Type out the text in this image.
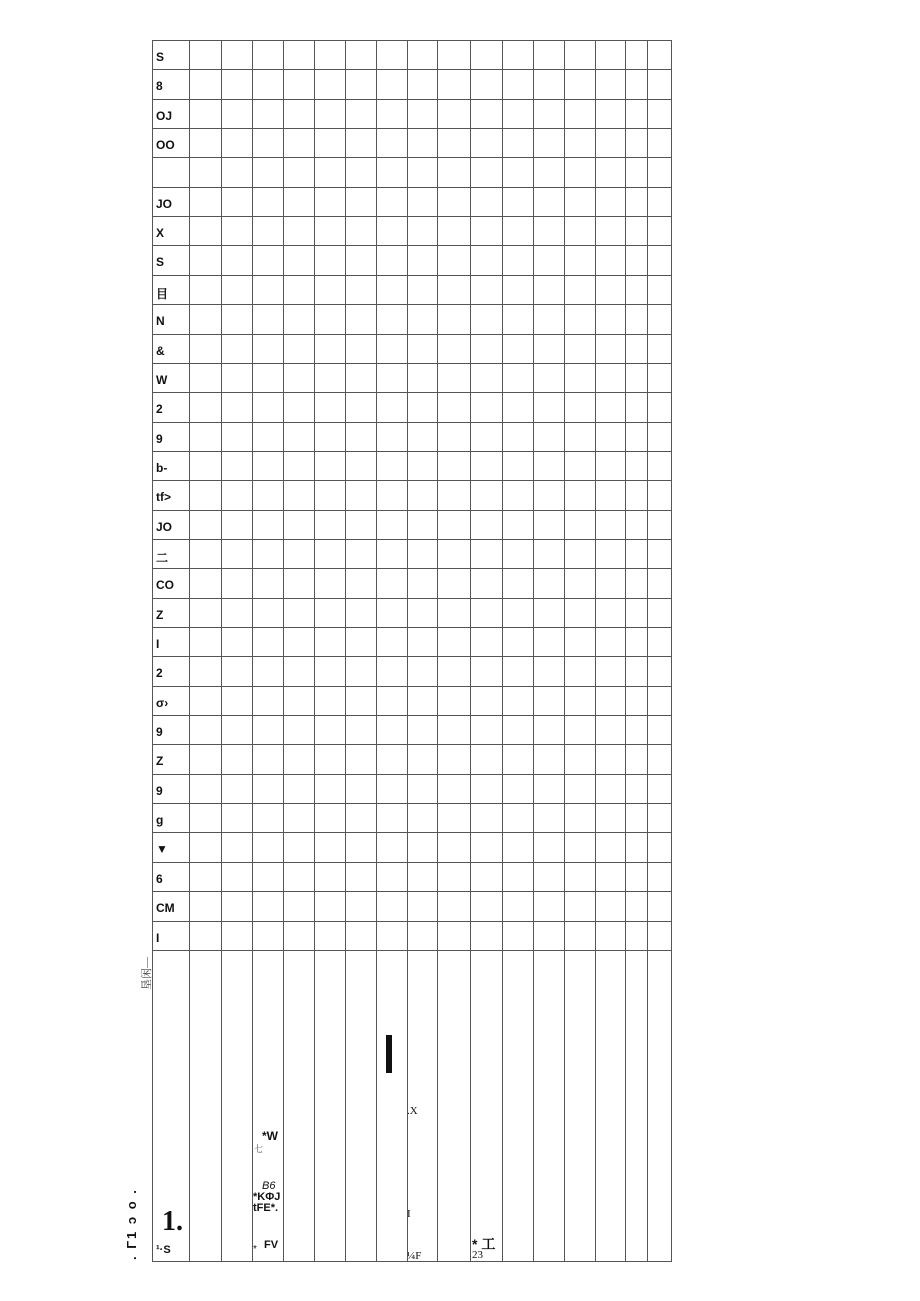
S
8
OJ
OO
JO
X
S
目
N
&
W
2
9
b-
tf>
JO
二
CO
Z
I
2
σ›
9
Z
9
g
▼
6
CM
I
垦闲—
. Γ1 ɔ o . 1.
¹·S
七
*W
B6
*KΦJ
tFE*.
* FV
.X
I
¼F
* 工
23
